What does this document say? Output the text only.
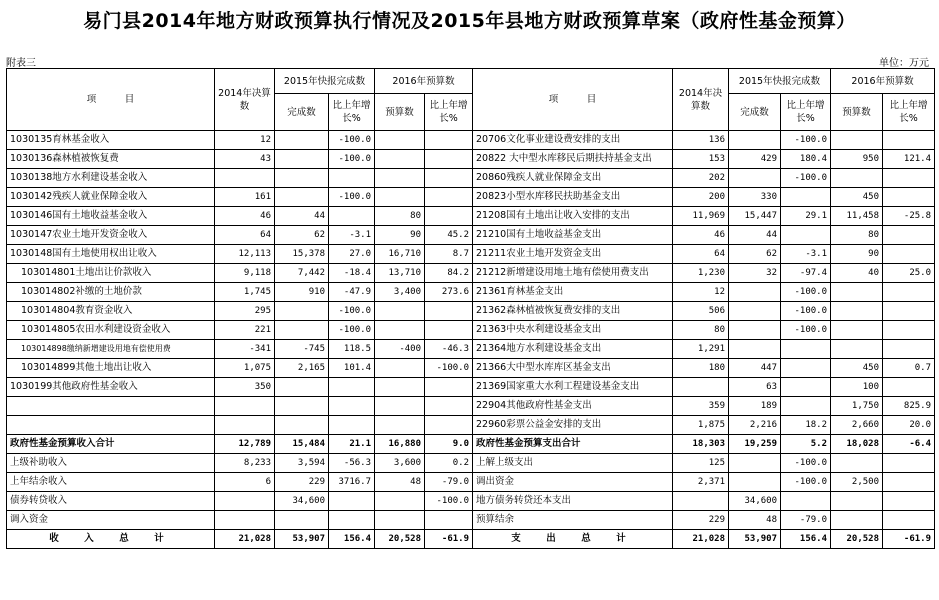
易门县2014年地方财政预算执行情况及2015年县地方财政预算草案（政府性基金预算）
附表三	单位：万元
项　　　目	2014年决算数	2015年快报完成数		2016年预算数		项　　　目	2014年决算数	2015年快报完成数		2016年预算数	
		完成数	比上年增长%	预算数	比上年增长%			完成数	比上年增长%	预算数	比上年增长%
1030135育林基金收入	12		-100.0			20706文化事业建设费安排的支出	136		-100.0		
1030136森林植被恢复费	43		-100.0			20822 大中型水库移民后期扶持基金支出	153	429	180.4	950	121.4
1030138地方水利建设基金收入						20860残疾人就业保障金支出	202		-100.0		
1030142残疾人就业保障金收入	161		-100.0			20823小型水库移民扶助基金支出	200	330		450	
1030146国有土地收益基金收入	46	44		80		21208国有土地出让收入安排的支出	11,969	15,447	29.1	11,458	-25.8
1030147农业土地开发资金收入	64	62	-3.1	90	45.2	21210国有土地收益基金支出	46	44		80	
1030148国有土地使用权出让收入	12,113	15,378	27.0	16,710	8.7	21211农业土地开发资金支出	64	62	-3.1	90	
103014801土地出让价款收入	9,118	7,442	-18.4	13,710	84.2	21212新增建设用地土地有偿使用费支出	1,230	32	-97.4	40	25.0
103014802补缴的土地价款	1,745	910	-47.9	3,400	273.6	21361育林基金支出	12		-100.0		
103014804教育资金收入	295		-100.0			21362森林植被恢复费安排的支出	506		-100.0		
103014805农田水利建设资金收入	221		-100.0			21363中央水利建设基金支出	80		-100.0		
103014898缴纳新增建设用地有偿使用费	-341	-745	118.5	-400	-46.3	21364地方水利建设基金支出	1,291				
103014899其他土地出让收入	1,075	2,165	101.4		-100.0	21366大中型水库库区基金支出	180	447		450	0.7
1030199其他政府性基金收入	350					21369国家重大水利工程建设基金支出		63		100	
						22904其他政府性基金支出	359	189		1,750	825.9
						22960彩票公益金安排的支出	1,875	2,216	18.2	2,660	20.0
政府性基金预算收入合计	12,789	15,484	21.1	16,880	9.0	政府性基金预算支出合计	18,303	19,259	5.2	18,028	-6.4
上级补助收入	8,233	3,594	-56.3	3,600	0.2	上解上级支出	125		-100.0		
上年结余收入	6	229	3716.7	48	-79.0	调出资金	2,371		-100.0	2,500	
债券转贷收入		34,600			-100.0	地方债务转贷还本支出		34,600			
调入资金						预算结余	229	48	-79.0		
收　入　总　计	21,028	53,907	156.4	20,528	-61.9	支　出　总　计	21,028	53,907	156.4	20,528	-61.9
